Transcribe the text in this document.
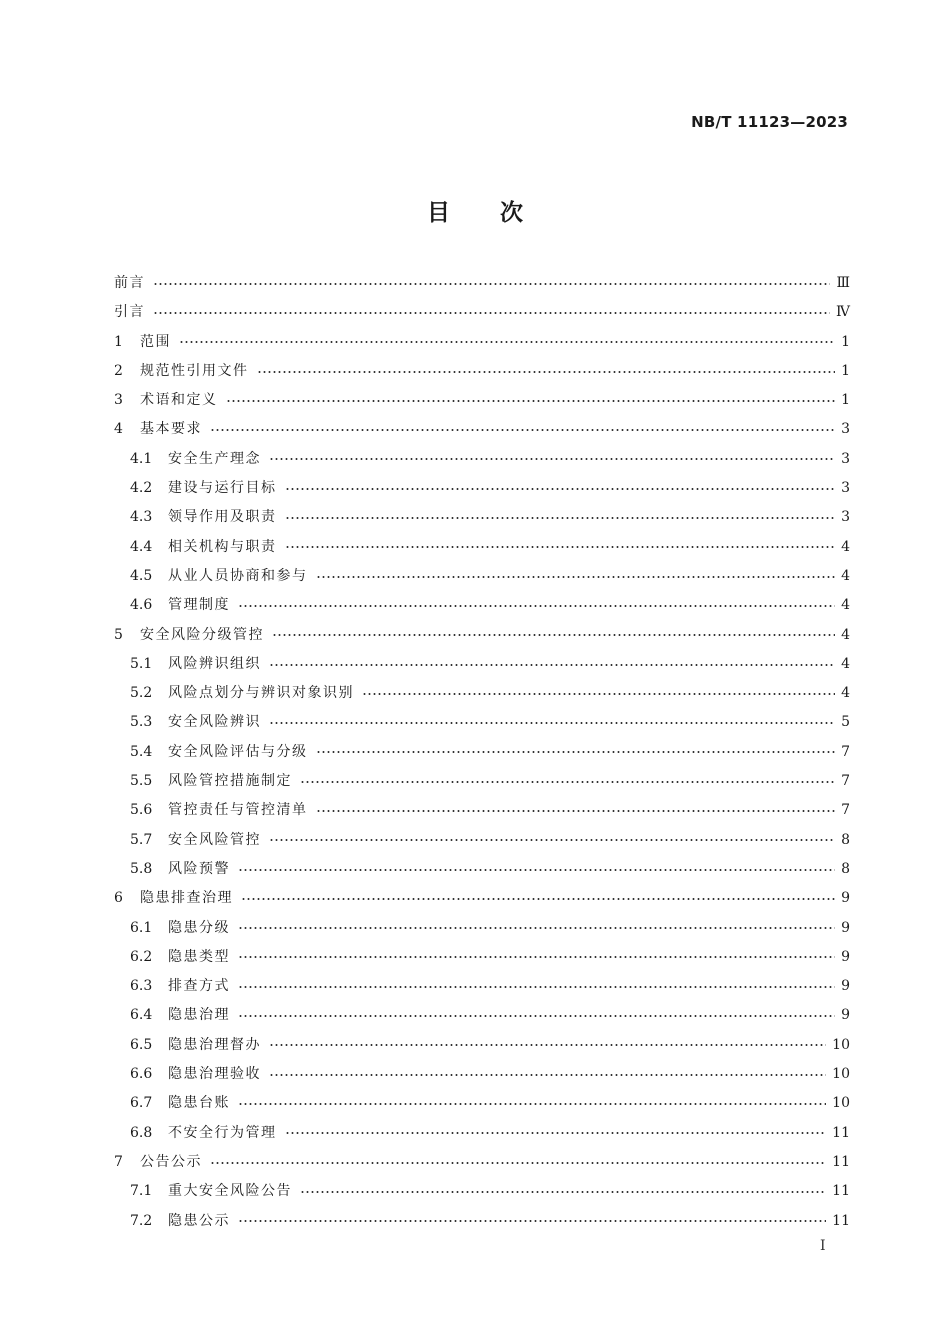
NB/T 11123—2023
目次
前言	Ⅲ
引言	Ⅳ
1	范围	1
2	规范性引用文件	1
3	术语和定义	1
4	基本要求	3
4.1	安全生产理念	3
4.2	建设与运行目标	3
4.3	领导作用及职责	3
4.4	相关机构与职责	4
4.5	从业人员协商和参与	4
4.6	管理制度	4
5	安全风险分级管控	4
5.1	风险辨识组织	4
5.2	风险点划分与辨识对象识别	4
5.3	安全风险辨识	5
5.4	安全风险评估与分级	7
5.5	风险管控措施制定	7
5.6	管控责任与管控清单	7
5.7	安全风险管控	8
5.8	风险预警	8
6	隐患排查治理	9
6.1	隐患分级	9
6.2	隐患类型	9
6.3	排查方式	9
6.4	隐患治理	9
6.5	隐患治理督办	10
6.6	隐患治理验收	10
6.7	隐患台账	10
6.8	不安全行为管理	11
7	公告公示	11
7.1	重大安全风险公告	11
7.2	隐患公示	11
I
